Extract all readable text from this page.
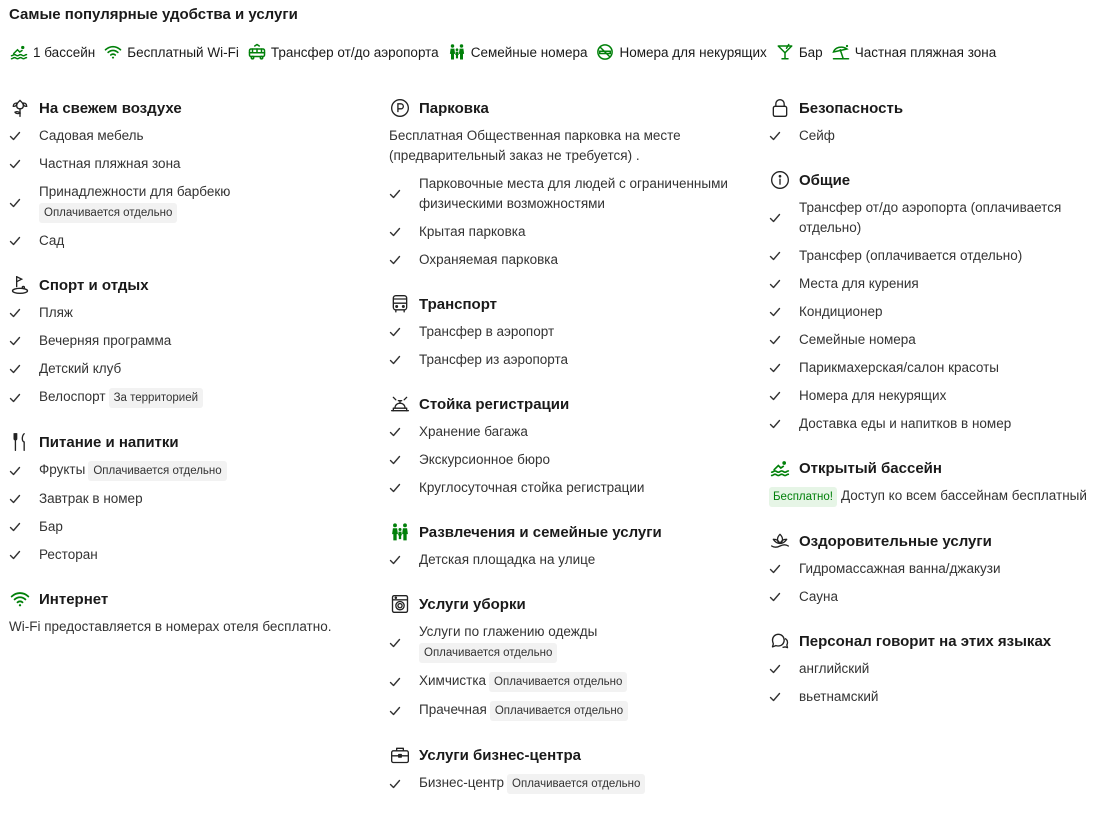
Самые популярные удобства и услуги
1 бассейн Бесплатный Wi-Fi Трансфер от/до аэропорта Семейные номера Номера для некурящих Бар Частная пляжная зона
На свежем воздухе
Садовая мебель
Частная пляжная зона
Принадлежности для барбекю
Оплачивается отдельно
Сад
Спорт и отдых
Пляж
Вечерняя программа
Детский клуб
Велоспорт За территорией
Питание и напитки
Фрукты Оплачивается отдельно
Завтрак в номер
Бар
Ресторан
Интернет
Wi-Fi предоставляется в номерах отеля бесплатно.
Парковка
Бесплатная Общественная парковка на месте (предварительный заказ не требуется) .
Парковочные места для людей с ограниченными физическими возможностями
Крытая парковка
Охраняемая парковка
Транспорт
Трансфер в аэропорт
Трансфер из аэропорта
Стойка регистрации
Хранение багажа
Экскурсионное бюро
Круглосуточная стойка регистрации
Развлечения и семейные услуги
Детская площадка на улице
Услуги уборки
Услуги по глажению одежды
Оплачивается отдельно
Химчистка Оплачивается отдельно
Прачечная Оплачивается отдельно
Услуги бизнес-центра
Бизнес-центр Оплачивается отдельно
Безопасность
Сейф
Общие
Трансфер от/до аэропорта (оплачивается отдельно)
Трансфер (оплачивается отдельно)
Места для курения
Кондиционер
Семейные номера
Парикмахерская/салон красоты
Номера для некурящих
Доставка еды и напитков в номер
Открытый бассейн
Бесплатно! Доступ ко всем бассейнам бесплатный
Оздоровительные услуги
Гидромассажная ванна/джакузи
Сауна
Персонал говорит на этих языках
английский
вьетнамский
